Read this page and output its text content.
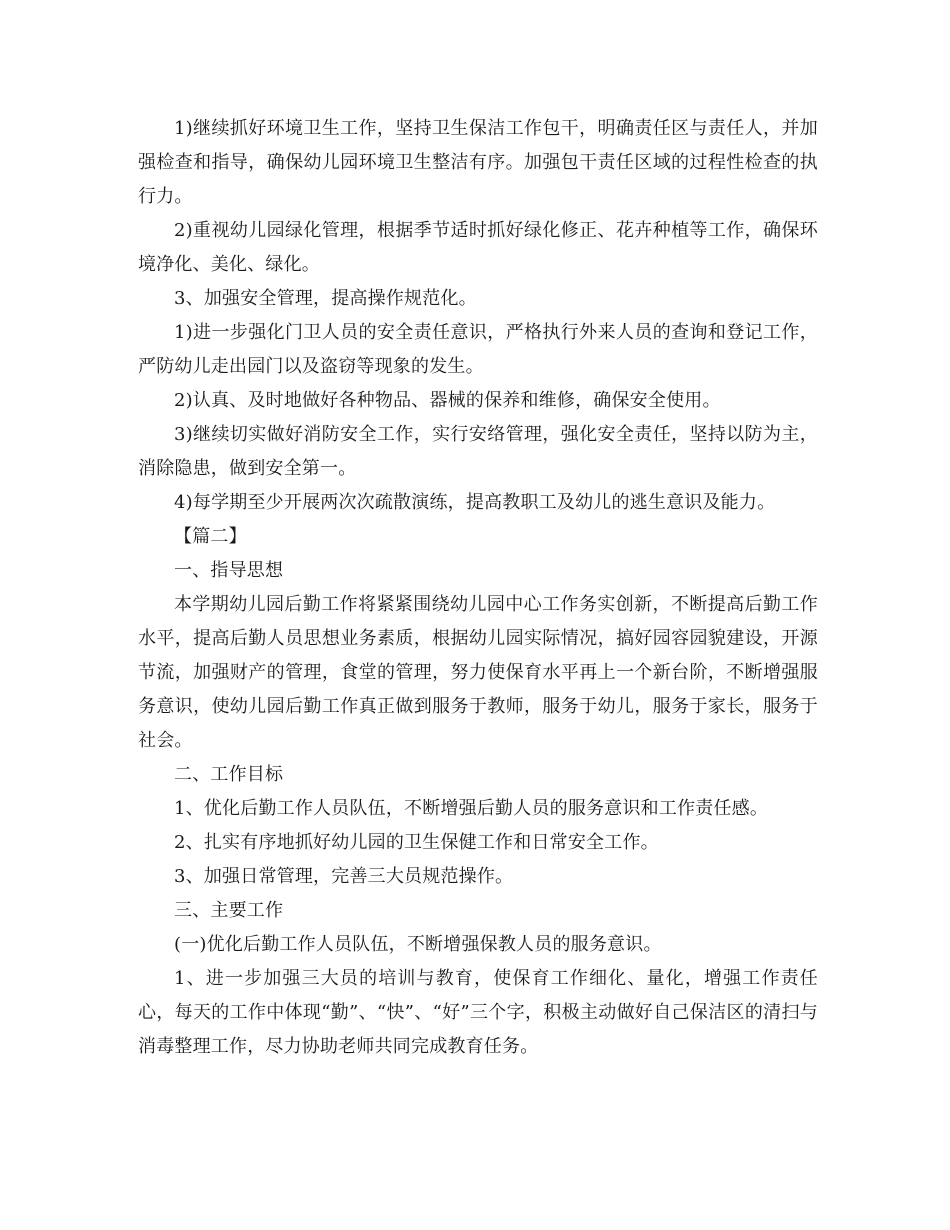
1)继续抓好环境卫生工作，坚持卫生保洁工作包干，明确责任区与责任人，并加强检查和指导，确保幼儿园环境卫生整洁有序。加强包干责任区域的过程性检查的执行力。

2)重视幼儿园绿化管理，根据季节适时抓好绿化修正、花卉种植等工作，确保环境净化、美化、绿化。

3、加强安全管理，提高操作规范化。

1)进一步强化门卫人员的安全责任意识，严格执行外来人员的查询和登记工作，严防幼儿走出园门以及盗窃等现象的发生。

2)认真、及时地做好各种物品、器械的保养和维修，确保安全使用。

3)继续切实做好消防安全工作，实行安络管理，强化安全责任，坚持以防为主，消除隐患，做到安全第一。

4)每学期至少开展两次次疏散演练，提高教职工及幼儿的逃生意识及能力。

【篇二】

一、指导思想

本学期幼儿园后勤工作将紧紧围绕幼儿园中心工作务实创新，不断提高后勤工作水平，提高后勤人员思想业务素质，根据幼儿园实际情况，搞好园容园貌建设，开源节流，加强财产的管理，食堂的管理，努力使保育水平再上一个新台阶，不断增强服务意识，使幼儿园后勤工作真正做到服务于教师，服务于幼儿，服务于家长，服务于社会。

二、工作目标

1、优化后勤工作人员队伍，不断增强后勤人员的服务意识和工作责任感。

2、扎实有序地抓好幼儿园的卫生保健工作和日常安全工作。

3、加强日常管理，完善三大员规范操作。

三、主要工作

(一)优化后勤工作人员队伍，不断增强保教人员的服务意识。

1、进一步加强三大员的培训与教育，使保育工作细化、量化，增强工作责任心，每天的工作中体现“勤”、“快”、“好”三个字，积极主动做好自己保洁区的清扫与消毒整理工作，尽力协助老师共同完成教育任务。
